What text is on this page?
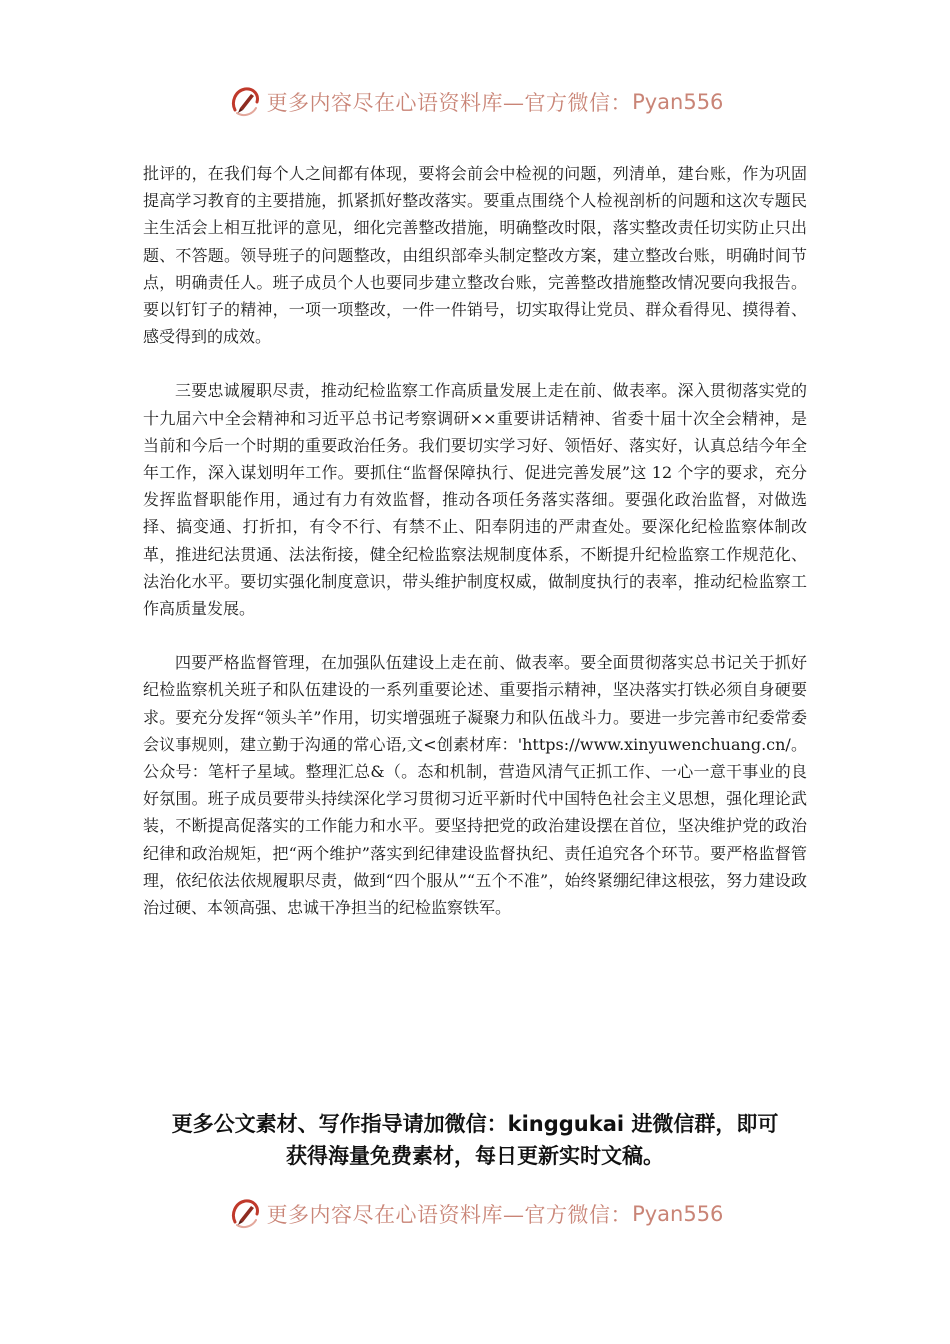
更多内容尽在心语资料库—官方微信： Pyan556

批评的，在我们每个人之间都有体现，要将会前会中检视的问题，列清单，建台账，作为巩固提高学习教育的主要措施，抓紧抓好整改落实。要重点围绕个人检视剖析的问题和这次专题民主生活会上相互批评的意见，细化完善整改措施，明确整改时限，落实整改责任切实防止只出题、不答题。领导班子的问题整改，由组织部牵头制定整改方案，建立整改台账，明确时间节点，明确责任人。班子成员个人也要同步建立整改台账，完善整改措施整改情况要向我报告。要以钉钉子的精神，一项一项整改，一件一件销号，切实取得让党员、群众看得见、摸得着、感受得到的成效。

三要忠诚履职尽责，推动纪检监察工作高质量发展上走在前、做表率。深入贯彻落实党的十九届六中全会精神和习近平总书记考察调研××重要讲话精神、省委十届十次全会精神，是当前和今后一个时期的重要政治任务。我们要切实学习好、领悟好、落实好，认真总结今年全年工作，深入谋划明年工作。要抓住“监督保障执行、促进完善发展”这 12 个字的要求，充分发挥监督职能作用，通过有力有效监督，推动各项任务落实落细。要强化政治监督，对做选择、搞变通、打折扣，有令不行、有禁不止、阳奉阴违的严肃查处。要深化纪检监察体制改革，推进纪法贯通、法法衔接，健全纪检监察法规制度体系，不断提升纪检监察工作规范化、法治化水平。要切实强化制度意识，带头维护制度权威，做制度执行的表率，推动纪检监察工作高质量发展。

四要严格监督管理，在加强队伍建设上走在前、做表率。要全面贯彻落实总书记关于抓好纪检监察机关班子和队伍建设的一系列重要论述、重要指示精神，坚决落实打铁必须自身硬要求。要充分发挥“领头羊”作用，切实增强班子凝聚力和队伍战斗力。要进一步完善市纪委常委会议事规则，建立勤于沟通的常心语,文<创素材库：'https://www.xinyuwenchuang.cn/。公众号：笔杆子星域。整理汇总&（。态和机制，营造风清气正抓工作、一心一意干事业的良好氛围。班子成员要带头持续深化学习贯彻习近平新时代中国特色社会主义思想，强化理论武装，不断提高促落实的工作能力和水平。要坚持把党的政治建设摆在首位，坚决维护党的政治纪律和政治规矩，把“两个维护”落实到纪律建设监督执纪、责任追究各个环节。要严格监督管理，依纪依法依规履职尽责，做到“四个服从”“五个不准”，始终紧绷纪律这根弦，努力建设政治过硬、本领高强、忠诚干净担当的纪检监察铁军。

更多公文素材、写作指导请加微信：kinggukai 进微信群，即可
获得海量免费素材，每日更新实时文稿。
更多内容尽在心语资料库—官方微信： Pyan556
